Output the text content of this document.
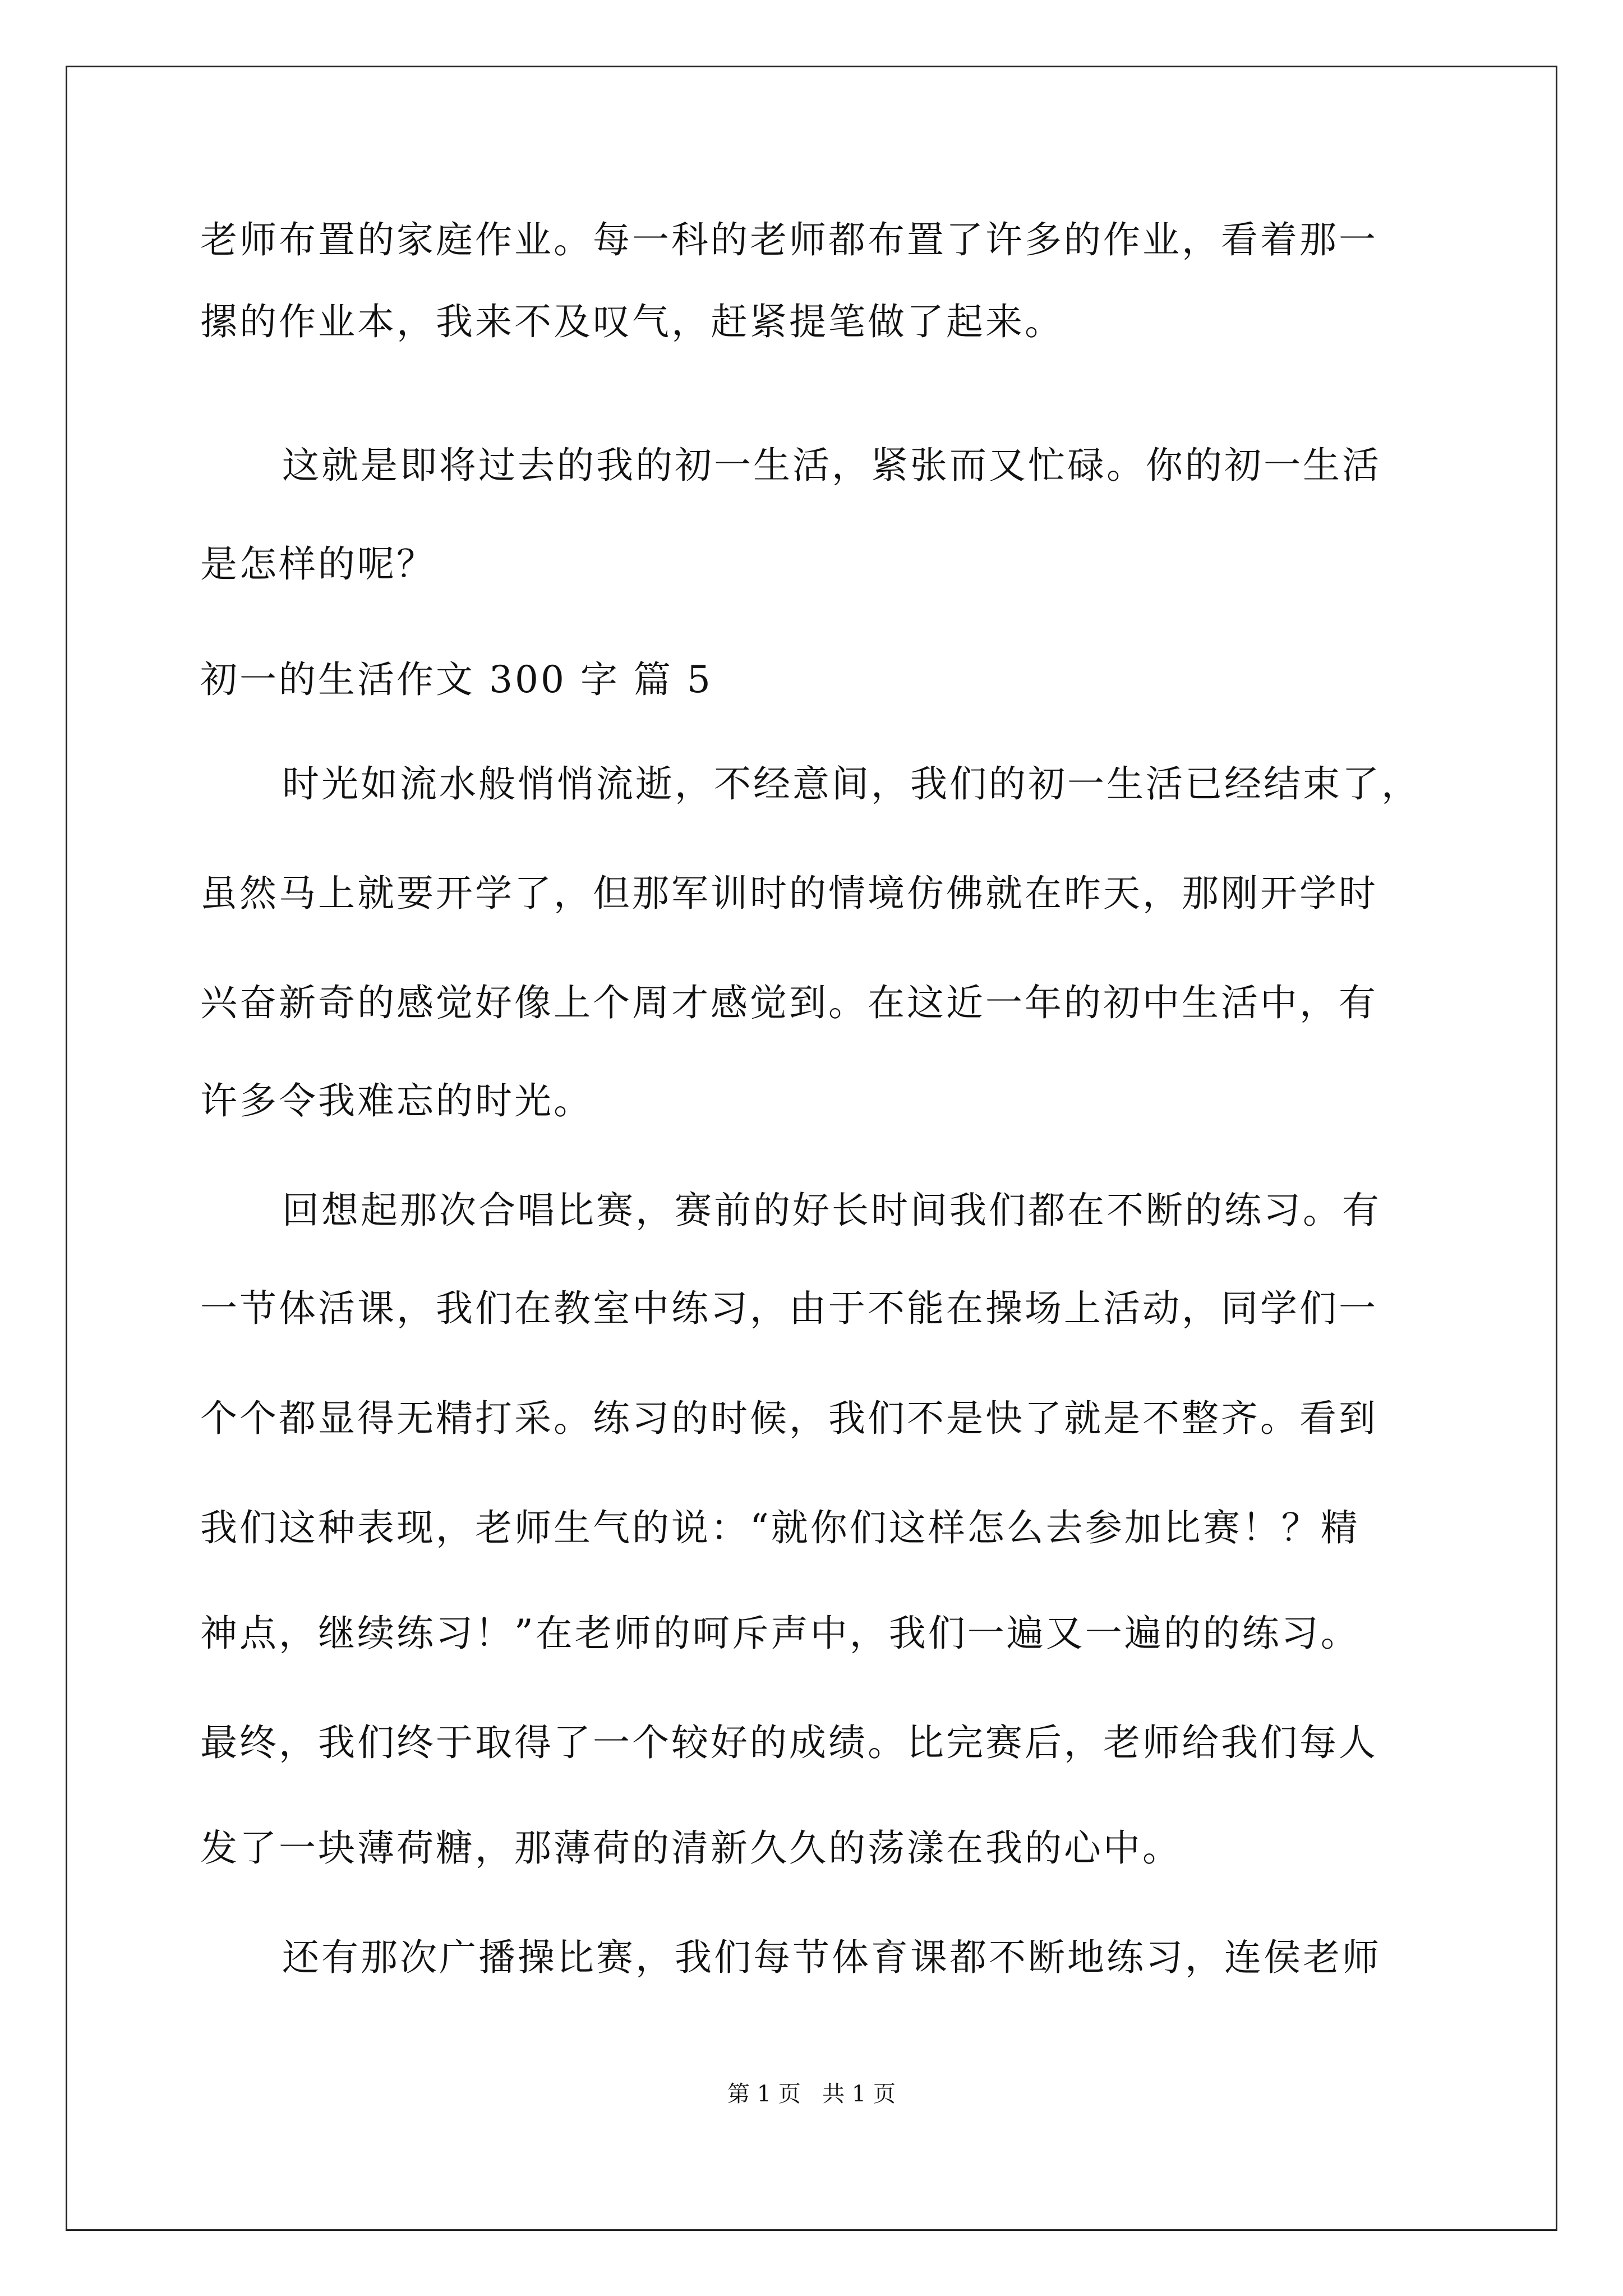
老师布置的家庭作业。每一科的老师都布置了许多的作业，看着那一
摞的作业本，我来不及叹气，赶紧提笔做了起来。
这就是即将过去的我的初一生活，紧张而又忙碌。你的初一生活
是怎样的呢？
初一的生活作文 300 字 篇 5
时光如流水般悄悄流逝，不经意间，我们的初一生活已经结束了，
虽然马上就要开学了，但那军训时的情境仿佛就在昨天，那刚开学时
兴奋新奇的感觉好像上个周才感觉到。在这近一年的初中生活中，有
许多令我难忘的时光。
回想起那次合唱比赛，赛前的好长时间我们都在不断的练习。有
一节体活课，我们在教室中练习，由于不能在操场上活动，同学们一
个个都显得无精打采。练习的时候，我们不是快了就是不整齐。看到
我们这种表现，老师生气的说：“就你们这样怎么去参加比赛！？精
神点，继续练习！”在老师的呵斥声中，我们一遍又一遍的的练习。
最终，我们终于取得了一个较好的成绩。比完赛后，老师给我们每人
发了一块薄荷糖，那薄荷的清新久久的荡漾在我的心中。
还有那次广播操比赛，我们每节体育课都不断地练习，连侯老师
第 1 页   共 1 页
